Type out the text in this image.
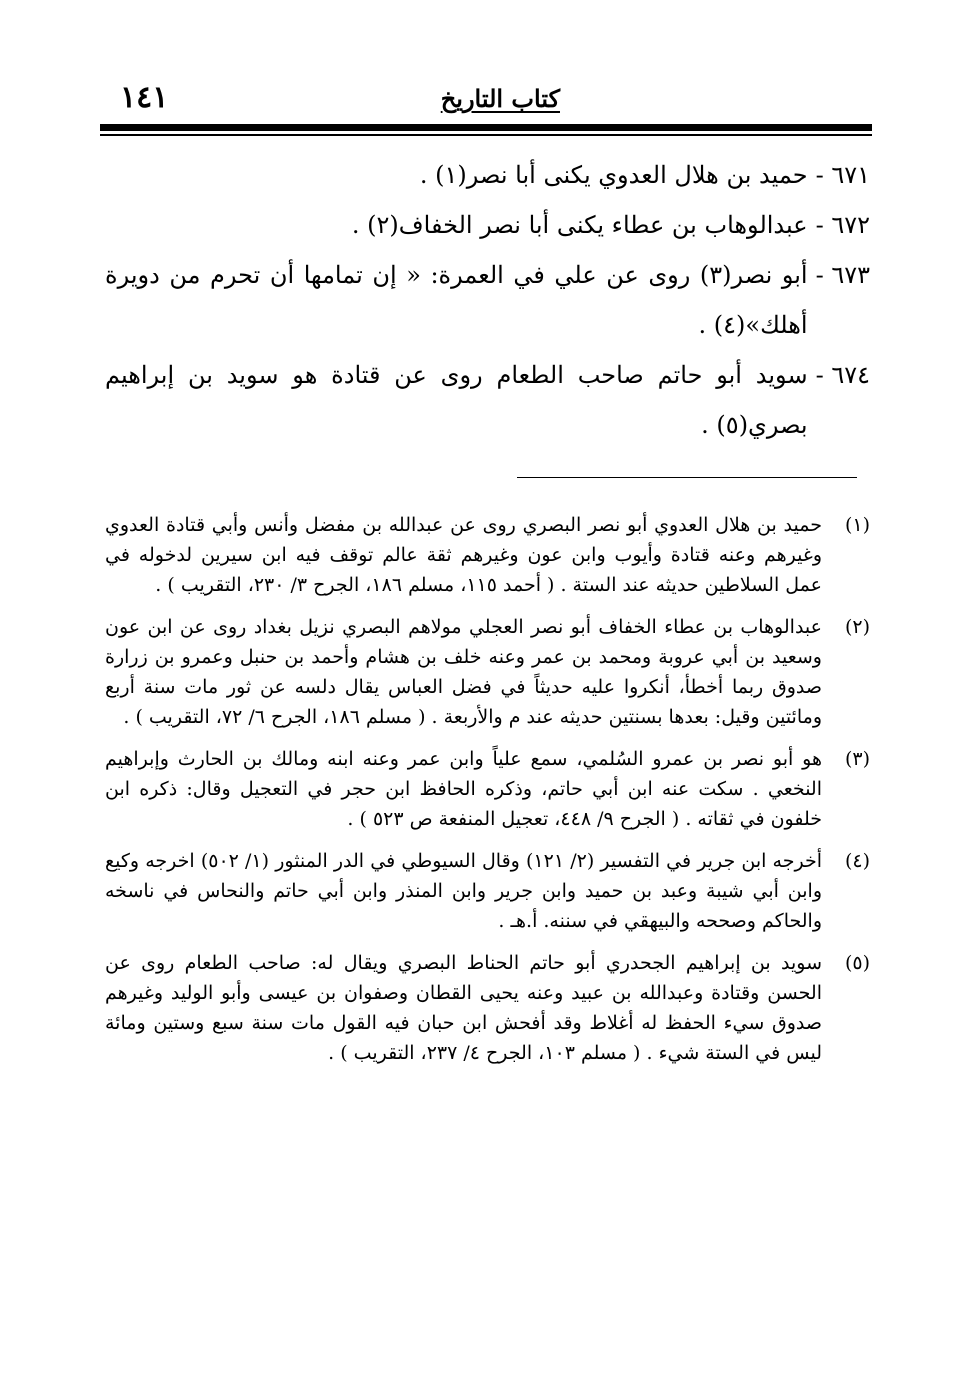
كتاب التاريخ
١٤١
٦٧١ -
حميد بن هلال العدوي يكنى أبا نصر(١) .
٦٧٢ -
عبدالوهاب بن عطاء يكنى أبا نصر الخفاف(٢) .
٦٧٣ -
أبو نصر(٣) روى عن علي في العمرة: « إن تمامها أن تحرم من دويرة أهلك»(٤) .
٦٧٤ -
سويد أبو حاتم صاحب الطعام روى عن قتادة هو سويد بن إبراهيم بصري(٥) .
(١)
حميد بن هلال العدوي أبو نصر البصري روى عن عبدالله بن مفضل وأنس وأبي قتادة العدوي وغيرهم وعنه قتادة وأيوب وابن عون وغيرهم ثقة عالم توقف فيه ابن سيرين لدخوله في عمل السلاطين حديثه عند الستة . ( أحمد ١١٥، مسلم ١٨٦، الجرح ٣/ ٢٣٠، التقريب ) .
(٢)
عبدالوهاب بن عطاء الخفاف أبو نصر العجلي مولاهم البصري نزيل بغداد روى عن ابن عون وسعيد بن أبي عروبة ومحمد بن عمر وعنه خلف بن هشام وأحمد بن حنبل وعمرو بن زرارة صدوق ربما أخطأ، أنكروا عليه حديثاً في فضل العباس يقال دلسه عن ثور مات سنة أربع ومائتين وقيل: بعدها بسنتين حديثه عند م والأربعة . ( مسلم ١٨٦، الجرح ٦/ ٧٢، التقريب ) .
(٣)
هو أبو نصر بن عمرو السُلمي، سمع علياً وابن عمر وعنه ابنه ومالك بن الحارث وإبراهيم النخعي . سكت عنه ابن أبي حاتم، وذكره الحافظ ابن حجر في التعجيل وقال: ذكره ابن خلفون في ثقاته . ( الجرح ٩/ ٤٤٨، تعجيل المنفعة ص ٥٢٣ ) .
(٤)
أخرجه ابن جرير في التفسير (٢/ ١٢١) وقال السيوطي في الدر المنثور (١/ ٥٠٢) اخرجه وكيع وابن أبي شيبة وعبد بن حميد وابن جرير وابن المنذر وابن أبي حاتم والنحاس في ناسخه والحاكم وصححه والبيهقي في سننه. أ.هـ .
(٥)
سويد بن إبراهيم الجحدري أبو حاتم الحناط البصري ويقال له: صاحب الطعام روى عن الحسن وقتادة وعبدالله بن عبيد وعنه يحيى القطان وصفوان بن عيسى وأبو الوليد وغيرهم صدوق سيء الحفظ له أغلاط وقد أفحش ابن حبان فيه القول مات سنة سبع وستين ومائة ليس في الستة شيء . ( مسلم ١٠٣، الجرح ٤/ ٢٣٧، التقريب ) .
